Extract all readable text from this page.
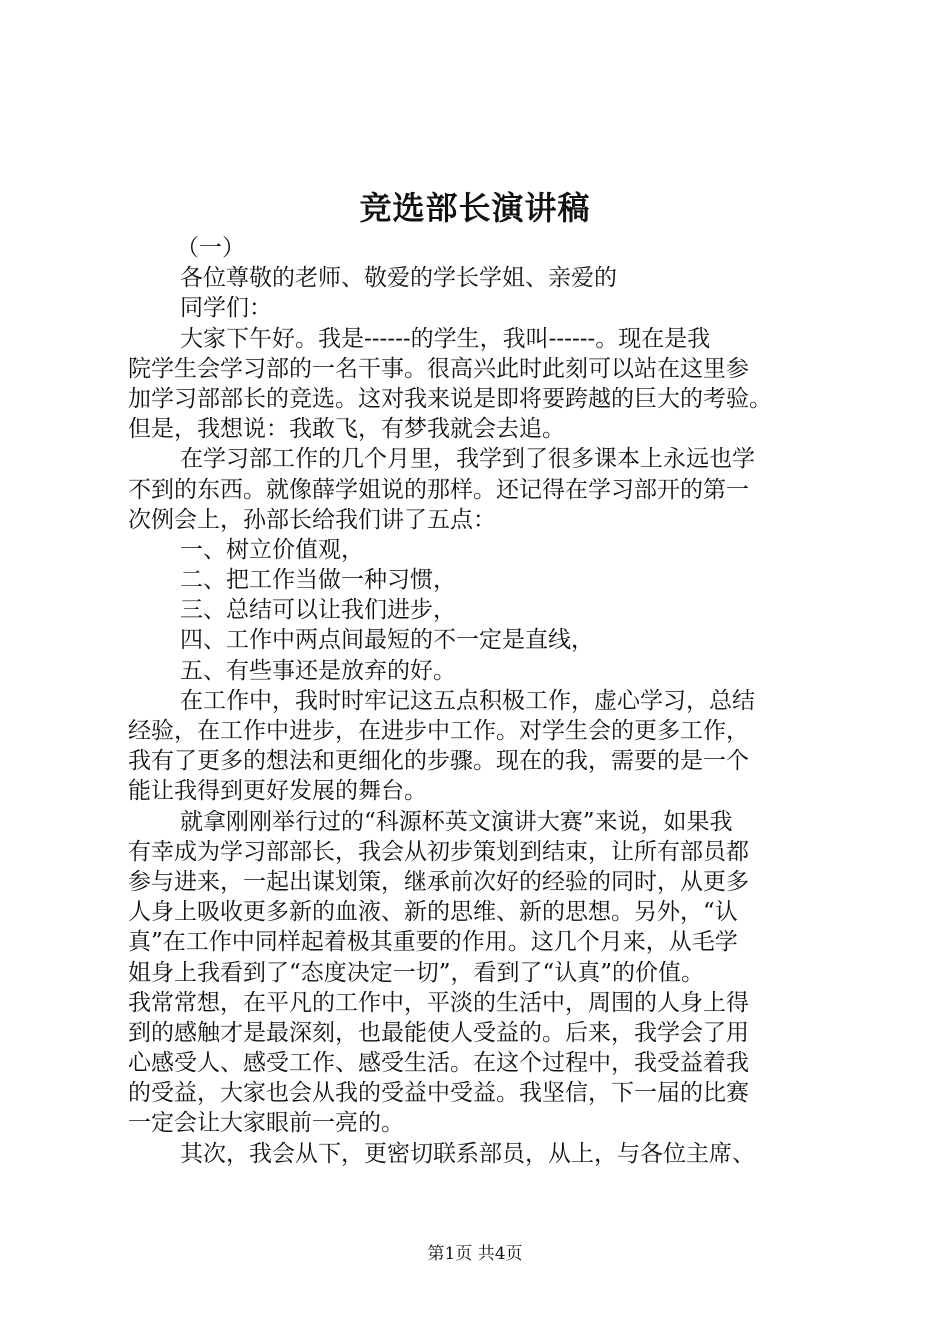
竞选部长演讲稿
（一）
各位尊敬的老师、敬爱的学长学姐、亲爱的
同学们：
大家下午好。我是------的学生，我叫------。现在是我
院学生会学习部的一名干事。很高兴此时此刻可以站在这里参
加学习部部长的竞选。这对我来说是即将要跨越的巨大的考验。
但是，我想说：我敢飞，有梦我就会去追。
在学习部工作的几个月里，我学到了很多课本上永远也学
不到的东西。就像薛学姐说的那样。还记得在学习部开的第一
次例会上，孙部长给我们讲了五点：
一、树立价值观，
二、把工作当做一种习惯，
三、总结可以让我们进步，
四、工作中两点间最短的不一定是直线，
五、有些事还是放弃的好。
在工作中，我时时牢记这五点积极工作，虚心学习，总结
经验，在工作中进步，在进步中工作。对学生会的更多工作，
我有了更多的想法和更细化的步骤。现在的我，需要的是一个
能让我得到更好发展的舞台。
就拿刚刚举行过的“科源杯英文演讲大赛”来说，如果我
有幸成为学习部部长，我会从初步策划到结束，让所有部员都
参与进来，一起出谋划策，继承前次好的经验的同时，从更多
人身上吸收更多新的血液、新的思维、新的思想。另外，“认
真”在工作中同样起着极其重要的作用。这几个月来，从毛学
姐身上我看到了“态度决定一切”，看到了“认真”的价值。
我常常想，在平凡的工作中，平淡的生活中，周围的人身上得
到的感触才是最深刻，也最能使人受益的。后来，我学会了用
心感受人、感受工作、感受生活。在这个过程中，我受益着我
的受益，大家也会从我的受益中受益。我坚信，下一届的比赛
一定会让大家眼前一亮的。
其次，我会从下，更密切联系部员，从上，与各位主席、
第1页 共4页
